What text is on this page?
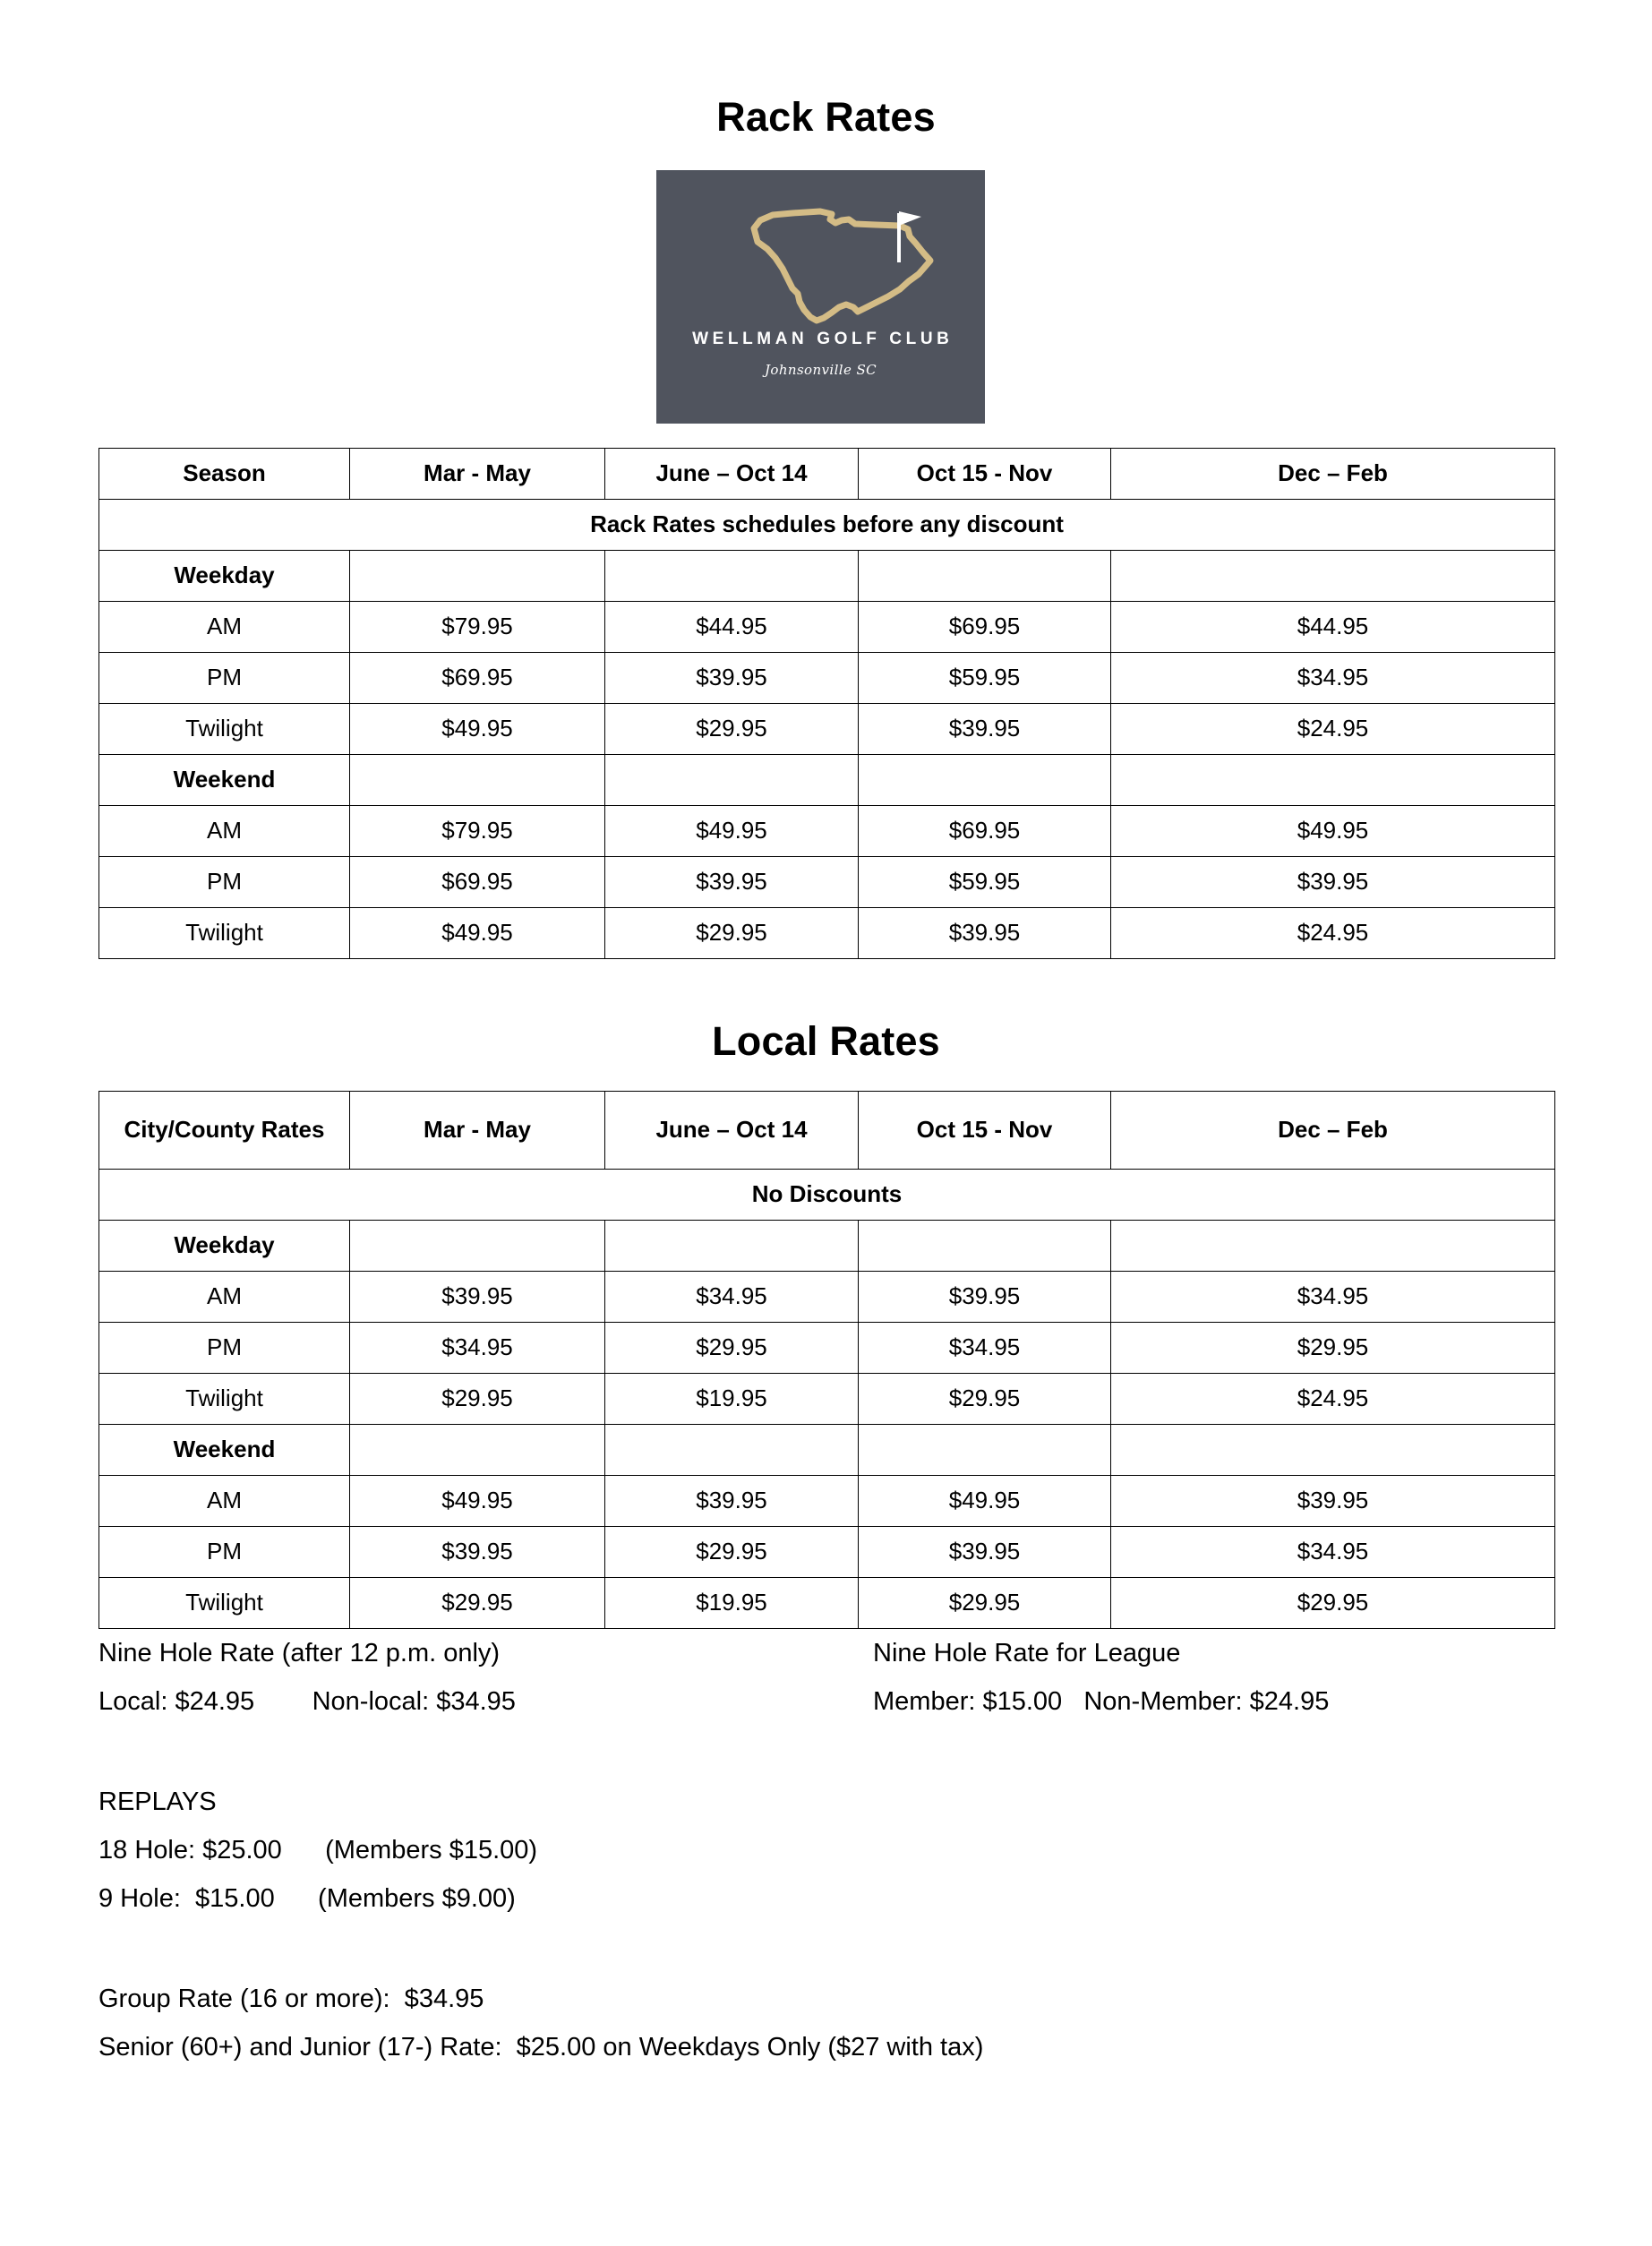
Rack Rates
WELLMAN GOLF CLUB
Johnsonville SC
Season	Mar - May	June – Oct 14	Oct 15 - Nov	Dec – Feb
Rack Rates schedules before any discount				
Weekday				
AM	$79.95	$44.95	$69.95	$44.95
PM	$69.95	$39.95	$59.95	$34.95
Twilight	$49.95	$29.95	$39.95	$24.95
Weekend				
AM	$79.95	$49.95	$69.95	$49.95
PM	$69.95	$39.95	$59.95	$39.95
Twilight	$49.95	$29.95	$39.95	$24.95
Local Rates
City/County Rates	Mar - May	June – Oct 14	Oct 15 - Nov	Dec – Feb
No Discounts				
Weekday				
AM	$39.95	$34.95	$39.95	$34.95
PM	$34.95	$29.95	$34.95	$29.95
Twilight	$29.95	$19.95	$29.95	$24.95
Weekend				
AM	$49.95	$39.95	$49.95	$39.95
PM	$39.95	$29.95	$39.95	$34.95
Twilight	$29.95	$19.95	$29.95	$29.95
Nine Hole Rate (after 12 p.m. only)
Local: $24.95        Non-local: $34.95
Nine Hole Rate for League
Member: $15.00   Non-Member: $24.95
REPLAYS
18 Hole: $25.00      (Members $15.00)
9 Hole:  $15.00      (Members $9.00)
Group Rate (16 or more):  $34.95
Senior (60+) and Junior (17-) Rate:  $25.00 on Weekdays Only ($27 with tax)
